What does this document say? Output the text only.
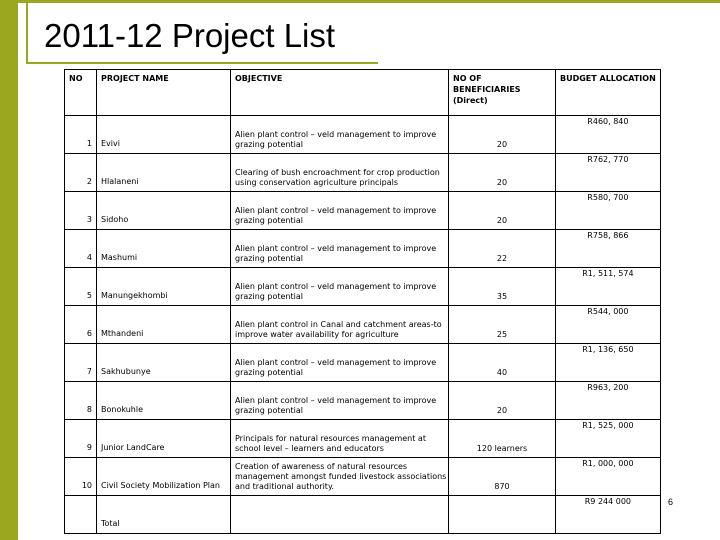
2011-12 Project List
NO	PROJECT NAME	OBJECTIVE	NO OF BENEFICIARIES (Direct)	BUDGET ALLOCATION
1	Evivi	Alien plant control – veld management to improve grazing potential	20	R460, 840
2	Hlalaneni	Clearing of bush encroachment for crop production using conservation agriculture principals	20	R762, 770
3	Sidoho	Alien plant control – veld management to improve grazing potential	20	R580, 700
4	Mashumi	Alien plant control – veld management to improve grazing potential	22	R758, 866
5	Manungekhombi	Alien plant control – veld management to improve grazing potential	35	R1, 511, 574
6	Mthandeni	Alien plant control in Canal and catchment areas-to improve water availability for agriculture	25	R544, 000
7	Sakhubunye	Alien plant control – veld management to improve grazing potential	40	R1, 136, 650
8	Bonokuhle	Alien plant control – veld management to improve grazing potential	20	R963, 200
9	Junior LandCare	Principals for natural resources management at school level – learners and educators	120 learners	R1, 525, 000
10	Civil Society Mobilization Plan	Creation of awareness of natural resources management amongst funded livestock associations and traditional authority.	870	R1, 000, 000
	Total			R9 244 000	6
